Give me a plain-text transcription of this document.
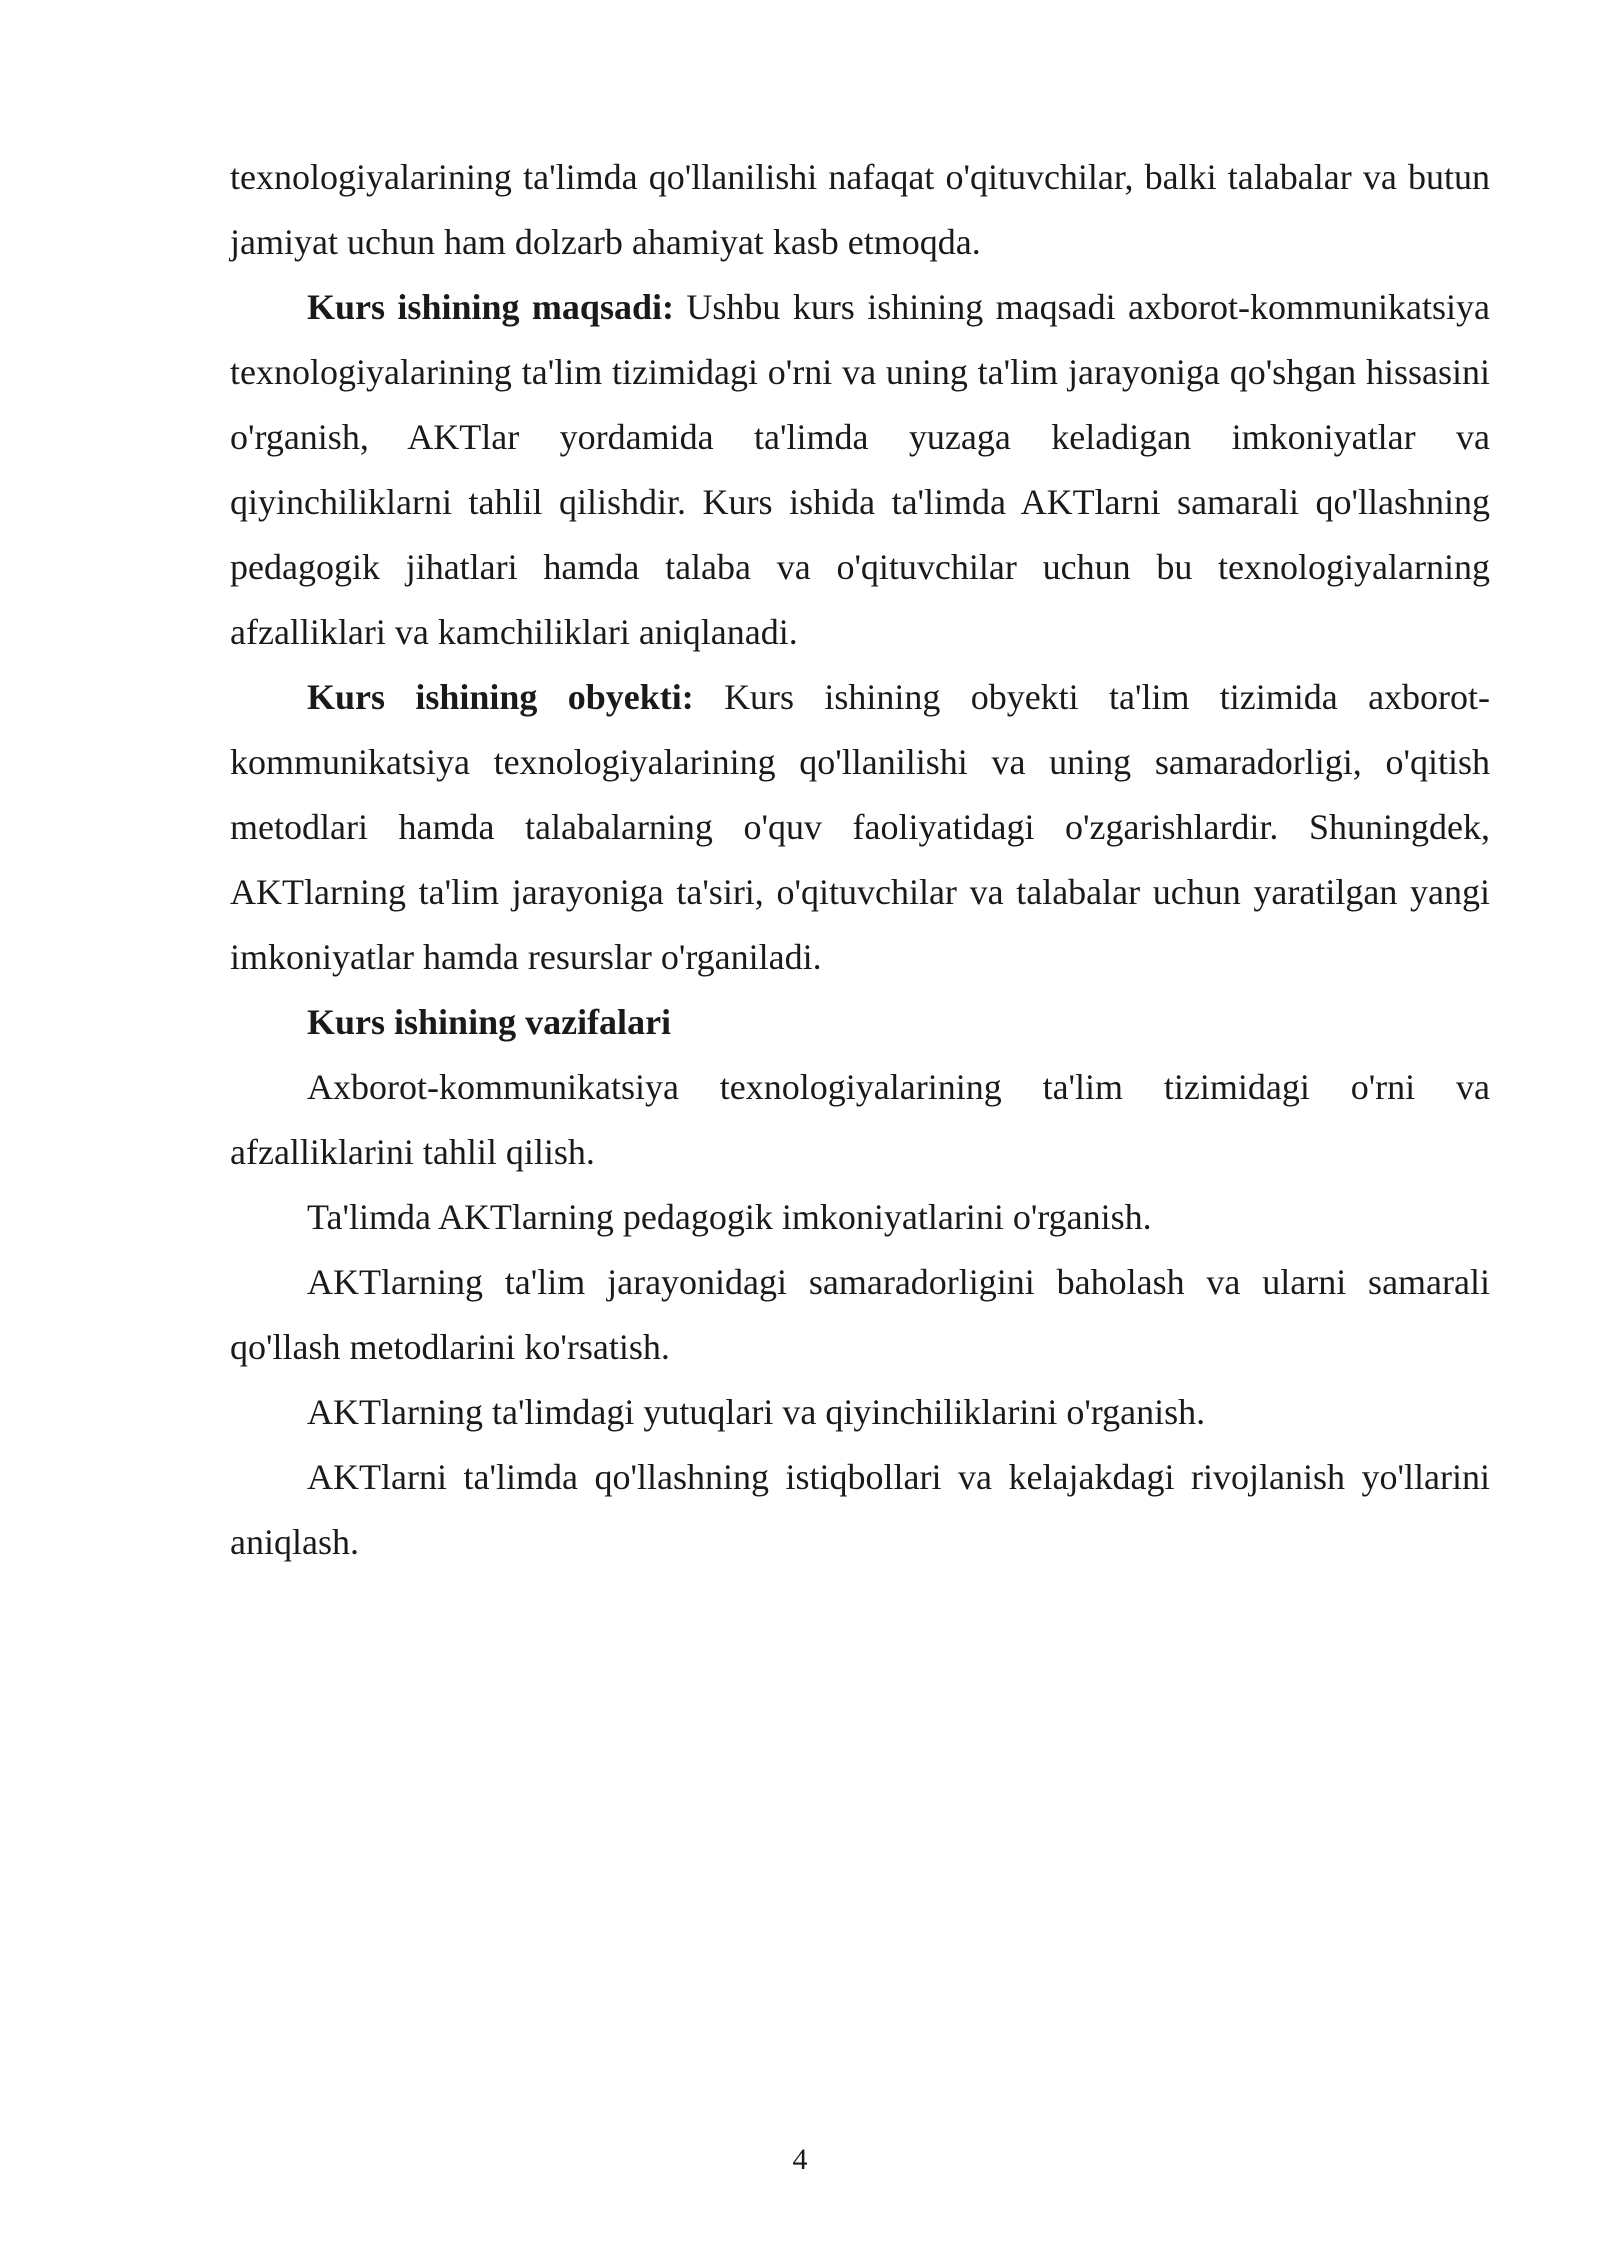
texnologiyalarining ta'limda qo'llanilishi nafaqat o'qituvchilar, balki talabalar va butun jamiyat uchun ham dolzarb ahamiyat kasb etmoqda.

Kurs ishining maqsadi: Ushbu kurs ishining maqsadi axborot-kommunikatsiya texnologiyalarining ta'lim tizimidagi o'rni va uning ta'lim jarayoniga qo'shgan hissasini o'rganish, AKTlar yordamida ta'limda yuzaga keladigan imkoniyatlar va qiyinchiliklarni tahlil qilishdir. Kurs ishida ta'limda AKTlarni samarali qo'llashning pedagogik jihatlari hamda talaba va o'qituvchilar uchun bu texnologiyalarning afzalliklari va kamchiliklari aniqlanadi.

Kurs ishining obyekti: Kurs ishining obyekti ta'lim tizimida axborot-kommunikatsiya texnologiyalarining qo'llanilishi va uning samaradorligi, o'qitish metodlari hamda talabalarning o'quv faoliyatidagi o'zgarishlardir. Shuningdek, AKTlarning ta'lim jarayoniga ta'siri, o'qituvchilar va talabalar uchun yaratilgan yangi imkoniyatlar hamda resurslar o'rganiladi.

Kurs ishining vazifalari

Axborot-kommunikatsiya texnologiyalarining ta'lim tizimidagi o'rni va afzalliklarini tahlil qilish.

Ta'limda AKTlarning pedagogik imkoniyatlarini o'rganish.

AKTlarning ta'lim jarayonidagi samaradorligini baholash va ularni samarali qo'llash metodlarini ko'rsatish.

AKTlarning ta'limdagi yutuqlari va qiyinchiliklarini o'rganish.

AKTlarni ta'limda qo'llashning istiqbollari va kelajakdagi rivojlanish yo'llarini aniqlash.

4
